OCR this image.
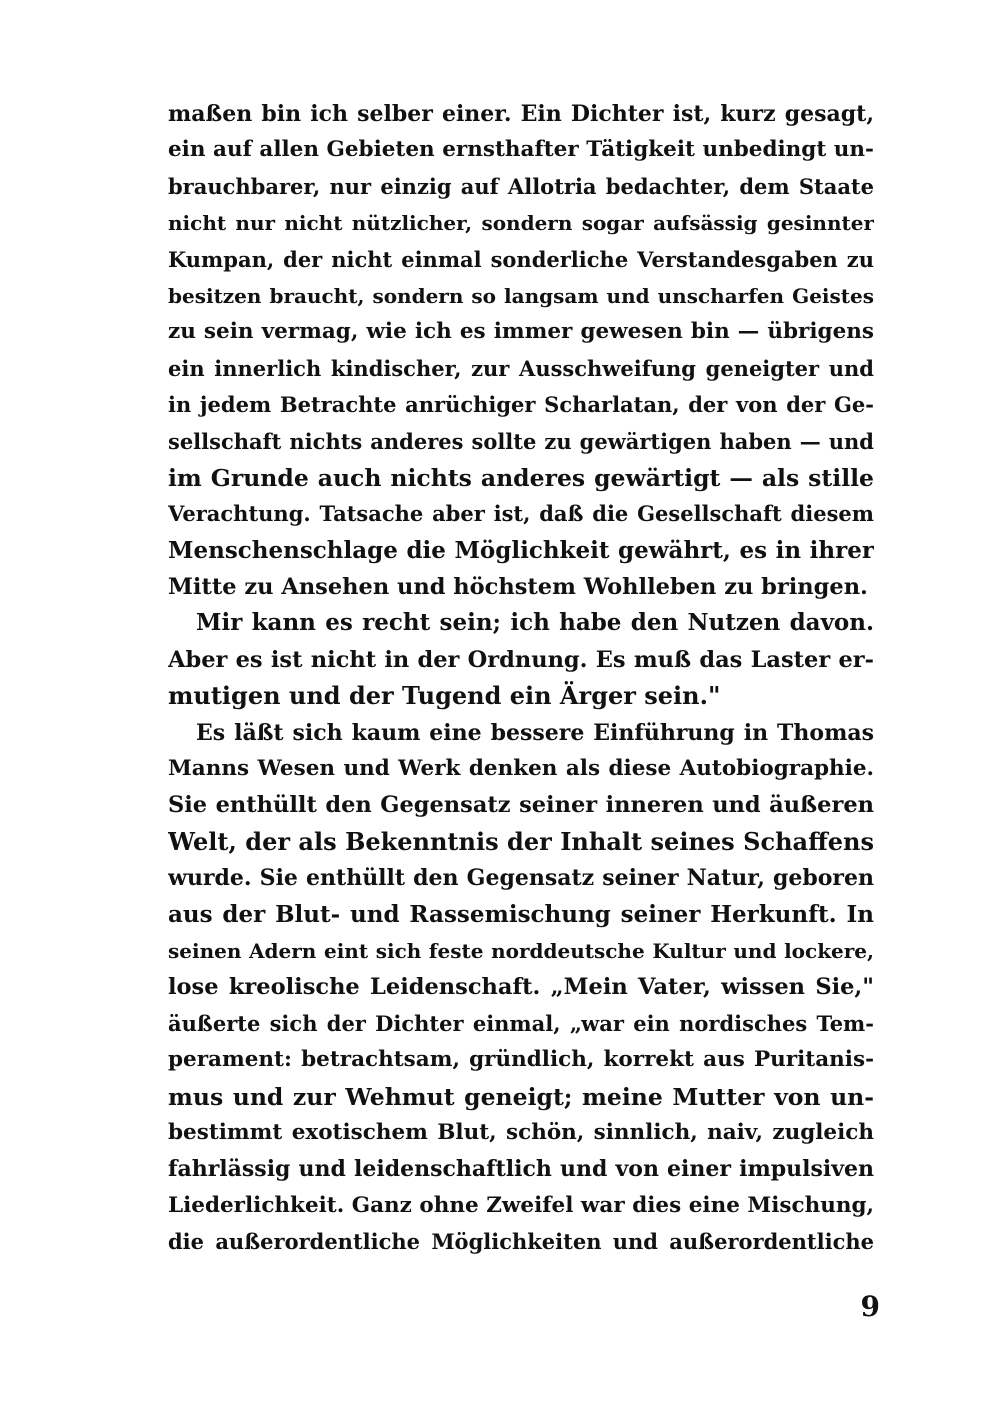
maßen bin ich selber einer. Ein Dichter ist, kurz gesagt,
ein auf allen Gebieten ernsthafter Tätigkeit unbedingt un-
brauchbarer, nur einzig auf Allotria bedachter, dem Staate
nicht nur nicht nützlicher, sondern sogar aufsässig gesinnter
Kumpan, der nicht einmal sonderliche Verstandesgaben zu
besitzen braucht, sondern so langsam und unscharfen Geistes
zu sein vermag, wie ich es immer gewesen bin — übrigens
ein innerlich kindischer, zur Ausschweifung geneigter und
in jedem Betrachte anrüchiger Scharlatan, der von der Ge-
sellschaft nichts anderes sollte zu gewärtigen haben — und
im Grunde auch nichts anderes gewärtigt — als stille
Verachtung. Tatsache aber ist, daß die Gesellschaft diesem
Menschenschlage die Möglichkeit gewährt, es in ihrer
Mitte zu Ansehen und höchstem Wohlleben zu bringen.
Mir kann es recht sein; ich habe den Nutzen davon.
Aber es ist nicht in der Ordnung. Es muß das Laster er-
mutigen und der Tugend ein Ärger sein."
Es läßt sich kaum eine bessere Einführung in Thomas
Manns Wesen und Werk denken als diese Autobiographie.
Sie enthüllt den Gegensatz seiner inneren und äußeren
Welt, der als Bekenntnis der Inhalt seines Schaffens
wurde. Sie enthüllt den Gegensatz seiner Natur, geboren
aus der Blut- und Rassemischung seiner Herkunft. In
seinen Adern eint sich feste norddeutsche Kultur und lockere,
lose kreolische Leidenschaft. „Mein Vater, wissen Sie,"
äußerte sich der Dichter einmal, „war ein nordisches Tem-
perament: betrachtsam, gründlich, korrekt aus Puritanis-
mus und zur Wehmut geneigt; meine Mutter von un-
bestimmt exotischem Blut, schön, sinnlich, naiv, zugleich
fahrlässig und leidenschaftlich und von einer impulsiven
Liederlichkeit. Ganz ohne Zweifel war dies eine Mischung,
die außerordentliche Möglichkeiten und außerordentliche
9
